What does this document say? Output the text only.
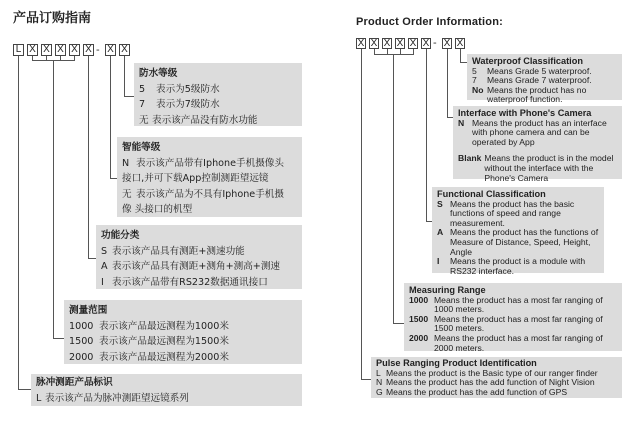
产品订购指南
L X X X X X - X X
防水等级
5 表示为5级防水
7 表示为7级防水
无 表示该产品没有防水功能
智能等级
N 表示该产品带有Iphone手机摄像头
接口,并可下载App控制测距望远镜
无 表示该产品为不具有Iphone手机摄
像 头接口的机型
功能分类
S 表示该产品具有测距+测速功能
A 表示该产品具有测距+测角+测高+测速
I 表示该产品带有RS232数据通讯接口
测量范围
1000 表示该产品最远测程为1000米
1500 表示该产品最远测程为1500米
2000 表示该产品最远测程为2000米
脉冲测距产品标识
L 表示该产品为脉冲测距望远镜系列
Product Order Information:
X X X X X X - X X
Waterproof Classification
5	Means Grade 5 waterproof.
7	Means Grade 7 waterproof.
No Means the product has no waterproof function.
Interface with Phone's Camera
N Means the product has an interface with phone camera and can be operated by App
Blank Means the product is in the model without the interface with the Phone's Camera
Functional Classification
S Means the product has the basic functions of speed and range measurement.
A Means the product has the functions of Measure of Distance, Speed, Height, Angle
I	Means the product is a module with RS232 interface.
Measuring Range
1000 Means the product has a most far ranging of 1000 meters.
1500 Means the product has a most far ranging of 1500 meters.
2000 Means the product has a most far ranging of 2000 meters.
Pulse Ranging Product Identification
L Means the product is the Basic type of our ranger finder
N Means the product has the add function of Night Vision
G Means the product has the add function of GPS
